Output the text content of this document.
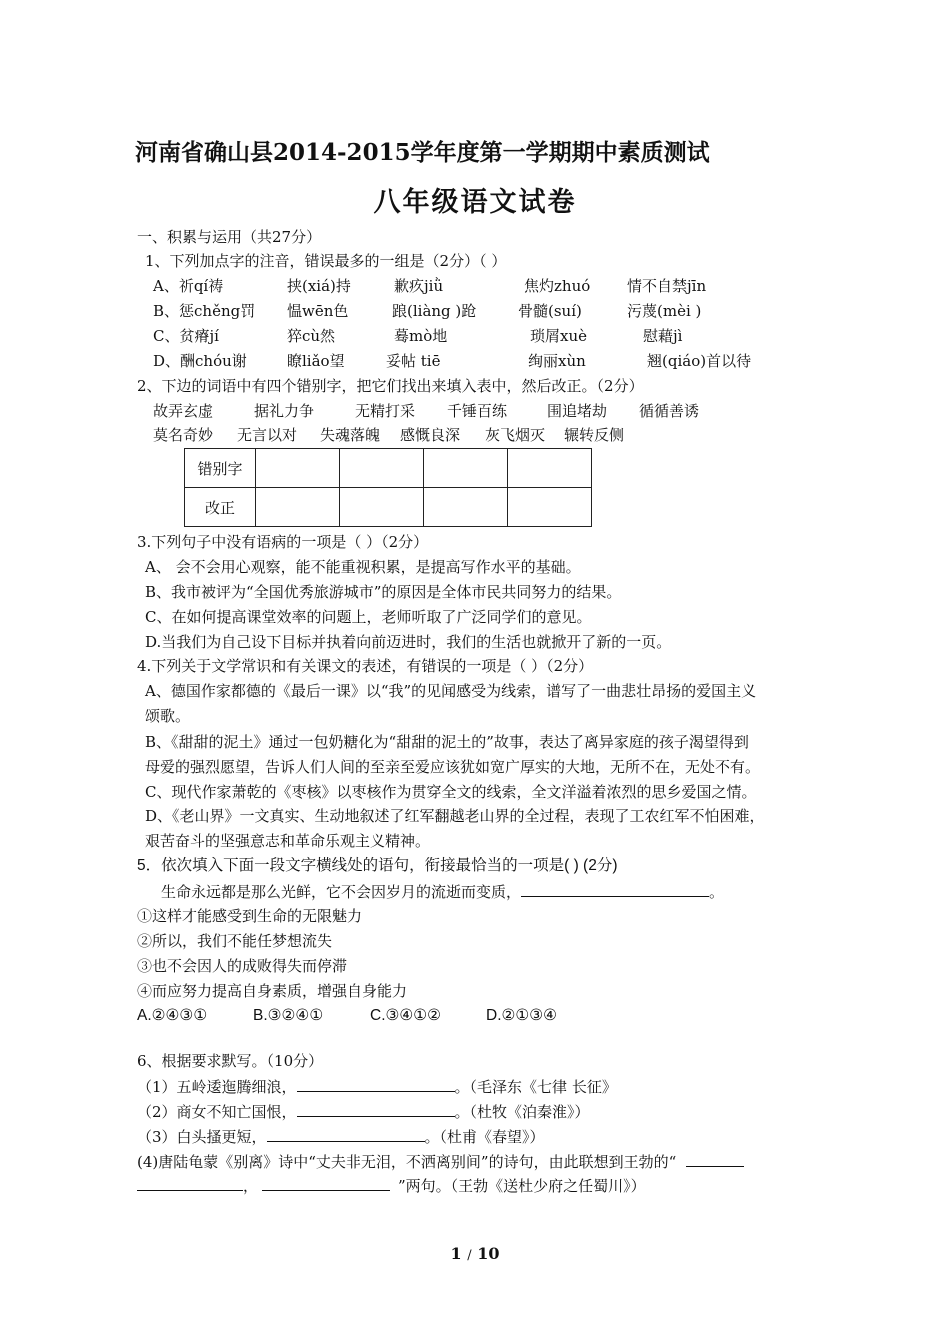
河南省确山县2014-2015学年度第一学期期中素质测试
八年级语文试卷
一、积累与运用（共27分）
1、下列加点字的注音，错误最多的一组是（2分）（ ）
A、祈qí祷	挟(xiá)持	歉疚jiǜ	焦灼zhuó 情不自禁jīn
B、惩chěng罚 愠wēn色	踉(liàng )跄	骨髓(suí)	污蔑(mèi )
C、贫瘠jí	猝cù然	蓦mò地	琐屑xuè	慰藉jì
D、酬chóu谢	瞭liǎo望	妥帖 tiē	绚丽xùn	翘(qiáo)首以待
2、下边的词语中有四个错别字，把它们找出来填入表中，然后改正。（2分）
故弄玄虚	据礼力争	无精打采 千锤百练	围追堵劫 循循善诱
莫名奇妙 无言以对 失魂落魄 感慨良深 灰飞烟灭 辗转反侧
错别字				
改正				
3.下列句子中没有语病的一项是（ ）（2分）
A、 会不会用心观察，能不能重视积累，是提高写作水平的基础。
B、我市被评为“全国优秀旅游城市”的原因是全体市民共同努力的结果。
C、在如何提高课堂效率的问题上，老师听取了广泛同学们的意见。
D.当我们为自己设下目标并执着向前迈进时，我们的生活也就掀开了新的一页。
4.下列关于文学常识和有关课文的表述，有错误的一项是（ ）（2分）
A、德国作家都德的《最后一课》以“我”的见闻感受为线索，谱写了一曲悲壮昂扬的爱国主义
颂歌。
B、《甜甜的泥土》通过一包奶糖化为“甜甜的泥土的”故事，表达了离异家庭的孩子渴望得到
母爱的强烈愿望，告诉人们人间的至亲至爱应该犹如宽广厚实的大地，无所不在，无处不有。
C、现代作家萧乾的《枣核》以枣核作为贯穿全文的线索，全文洋溢着浓烈的思乡爱国之情。
D、《老山界》一文真实、生动地叙述了红军翻越老山界的全过程，表现了工农红军不怕困难，
艰苦奋斗的坚强意志和革命乐观主义精神。
5．依次填入下面一段文字横线处的语句，衔接最恰当的一项是( ) (2分)
生命永远都是那么光鲜，它不会因岁月的流逝而变质，	。
①这样才能感受到生命的无限魅力
②所以，我们不能任梦想流失
③也不会因人的成败得失而停滞
④而应努力提高自身素质，增强自身能力
A.②④③①	B.③②④①	C.③④①②	D.②①③④
6、根据要求默写。（10分）
（1）五岭逶迤腾细浪，	。（毛泽东《七律 长征》
（2）商女不知亡国恨，	。（杜牧《泊秦淮》）
（3）白头搔更短，	。（杜甫《春望》）
(4)唐陆龟蒙《别离》诗中“丈夫非无泪，不洒离别间”的诗句，由此联想到王勃的“
，	”两句。（王勃《送杜少府之任蜀川》）
1 / 10
